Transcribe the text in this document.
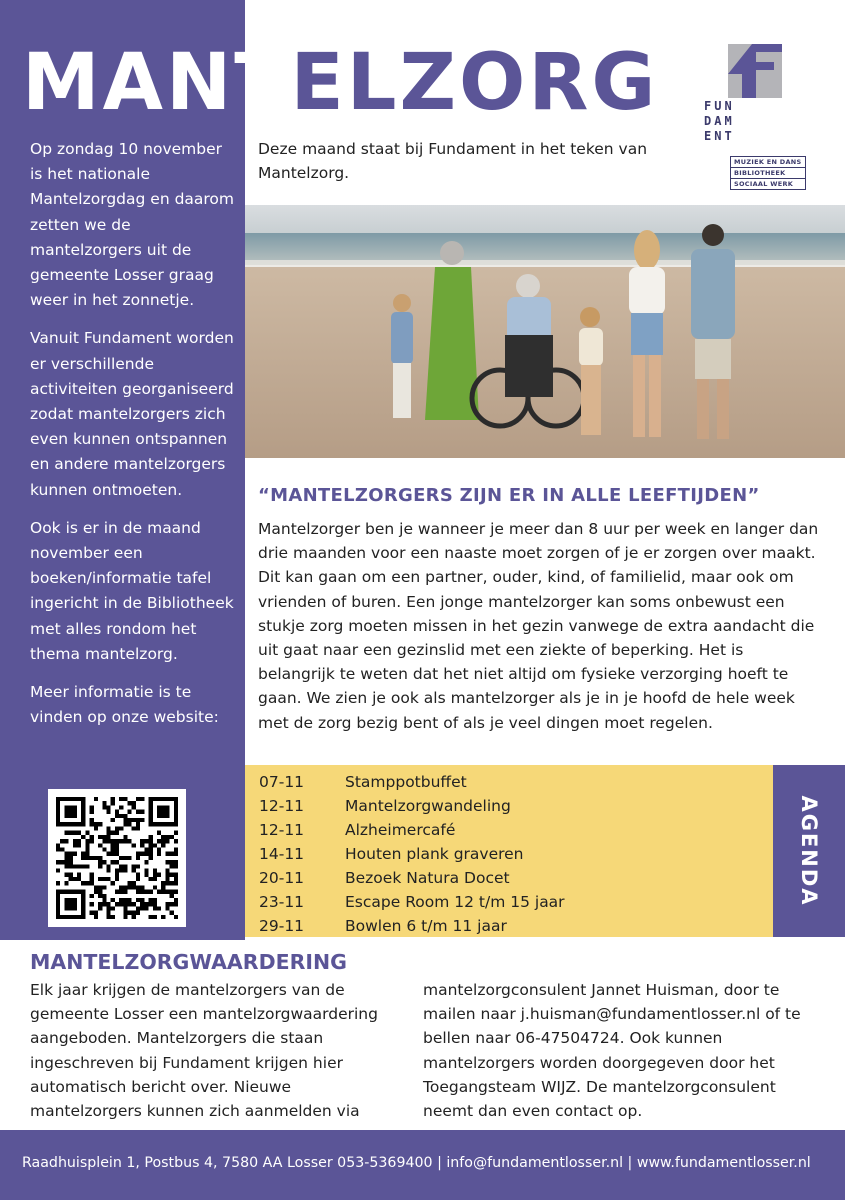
MANTELZORG

Op zondag 10 november is het nationale Mantelzorgdag en daarom zetten we de mantelzorgers uit de gemeente Losser graag weer in het zonnetje.

Vanuit Fundament worden er verschillende activiteiten georganiseerd zodat mantelzorgers zich even kunnen ontspannen en andere mantelzorgers kunnen ontmoeten.

Ook is er in de maand november een boeken/informatie tafel ingericht in de Bibliotheek met alles rondom het thema mantelzorg.

Meer informatie is te vinden op onze website:

Deze maand staat bij Fundament in het teken van Mantelzorg.
FUN
DAM
ENT
MUZIEK EN DANS
BIBLIOTHEEK
SOCIAAL WERK
“MANTELZORGERS ZIJN ER IN ALLE LEEFTIJDEN”
Mantelzorger ben je wanneer je meer dan 8 uur per week en langer dan drie maanden voor een naaste moet zorgen of je er zorgen over maakt. Dit kan gaan om een partner, ouder, kind, of familielid, maar ook om vrienden of buren. Een jonge mantelzorger kan soms onbewust een stukje zorg moeten missen in het gezin vanwege de extra aandacht die uit gaat naar een gezinslid met een ziekte of beperking. Het is belangrijk te weten dat het niet altijd om fysieke verzorging hoeft te gaan. We zien je ook als mantelzorger als je in je hoofd de hele week met de zorg bezig bent of als je veel dingen moet regelen.
07-11	Stamppotbuffet
12-11	Mantelzorgwandeling
12-11	Alzheimercafé
14-11	Houten plank graveren
20-11	Bezoek Natura Docet
23-11	Escape Room 12 t/m 15 jaar
29-11	Bowlen 6 t/m 11 jaar
AGENDA
MANTELZORGWAARDERING
Elk jaar krijgen de mantelzorgers van de gemeente Losser een mantelzorgwaardering aangeboden. Mantelzorgers die staan ingeschreven bij Fundament krijgen hier automatisch bericht over. Nieuwe mantelzorgers kunnen zich aanmelden via
mantelzorgconsulent Jannet Huisman, door te mailen naar j.huisman@fundamentlosser.nl of te bellen naar 06-47504724. Ook kunnen mantelzorgers worden doorgegeven door het Toegangsteam WIJZ. De mantelzorgconsulent neemt dan even contact op.
Raadhuisplein 1, Postbus 4, 7580 AA Losser 053-5369400 | info@fundamentlosser.nl | www.fundamentlosser.nl
